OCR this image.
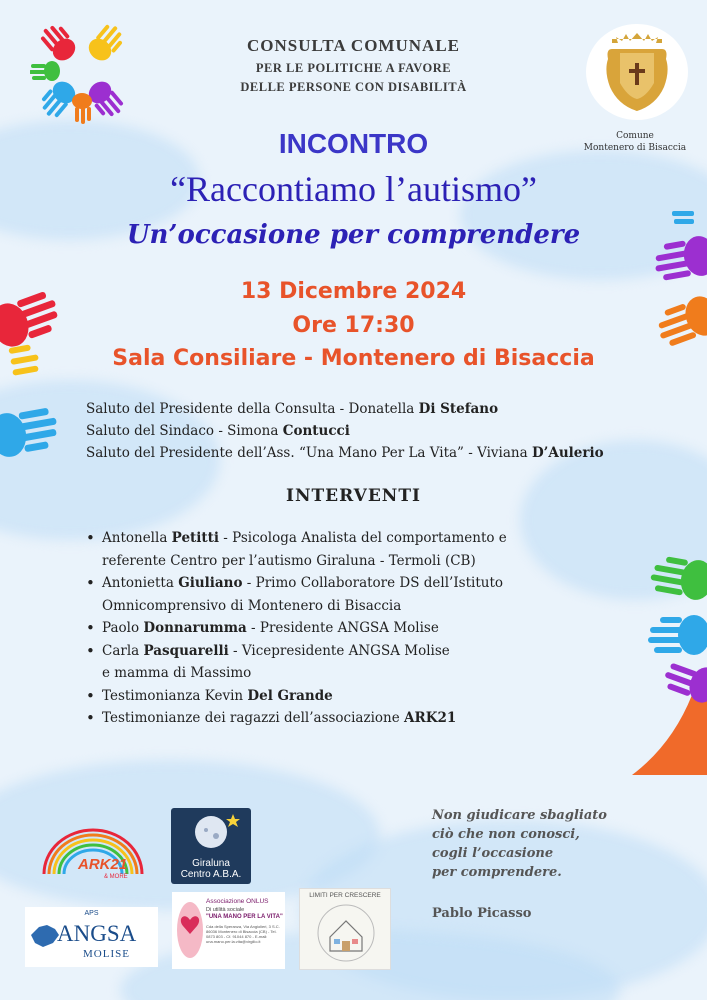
CONSULTA COMUNALE
PER LE POLITICHE A FAVORE
DELLE PERSONE CON DISABILITÀ
Comune
Montenero di Bisaccia
INCONTRO
“Raccontiamo l’autismo”
Un’occasione per comprendere
13 Dicembre 2024
Ore 17:30
Sala Consiliare - Montenero di Bisaccia
Saluto del Presidente della Consulta - Donatella Di Stefano
Saluto del Sindaco - Simona Contucci
Saluto del Presidente dell’Ass. “Una Mano Per La Vita” - Viviana D’Aulerio
INTERVENTI
• Antonella Petitti - Psicologa Analista del comportamento e
referente Centro per l’autismo Giraluna - Termoli (CB)
• Antonietta Giuliano - Primo Collaboratore DS dell’Istituto
Omnicomprensivo di Montenero di Bisaccia
• Paolo Donnarumma - Presidente ANGSA Molise
• Carla Pasquarelli - Vicepresidente ANGSA Molise
e mamma di Massimo
• Testimonianza Kevin Del Grande
• Testimonianze dei ragazzi dell’associazione ARK21
Non giudicare sbagliato
ciò che non conosci,
cogli l’occasione
per comprendere.
Pablo Picasso
ARK21
& MORE
Giraluna
Centro A.B.A.
APS
ANGSA
MOLISE
Associazione ONLUS
Di utilità sociale
"UNA MANO PER LA VITA"
Cda della Speranza, Via Angiolieri, 3 S.C. 86036 Montenero di Bisaccia (CB) - Tel. 0873 803 - Cf. 91044 870 - E-mail: una.mano.per.la.vita@virgilio.it
LIMITI PER CRESCERE
